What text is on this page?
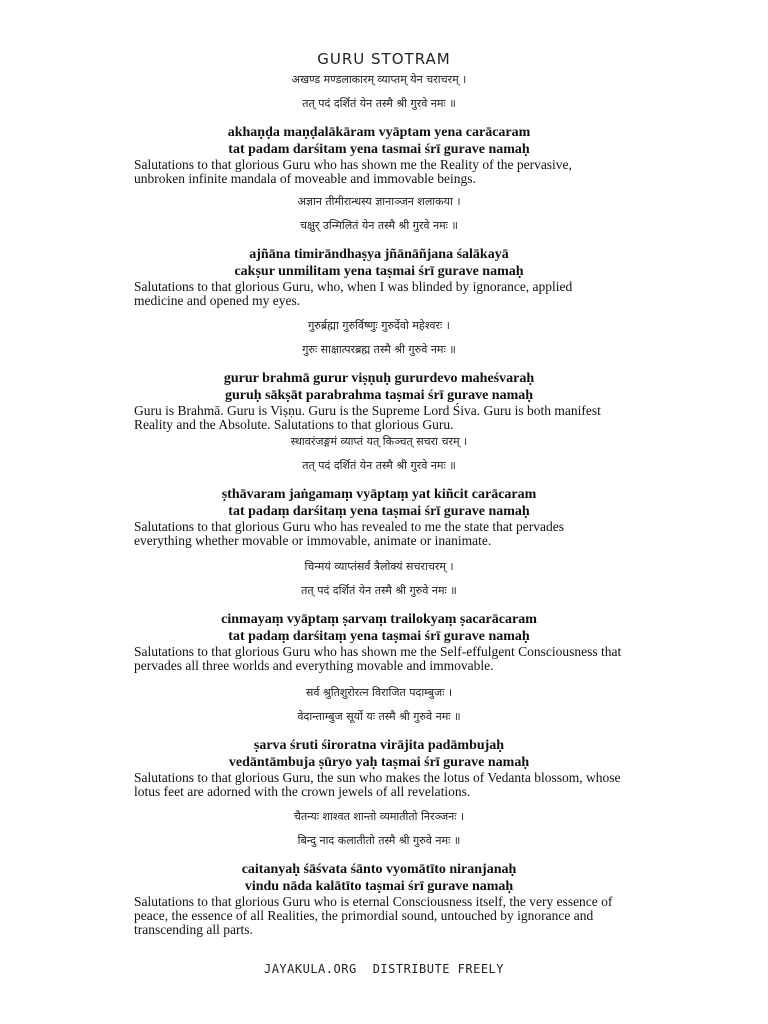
GURU STOTRAM
अखण्ड मण्डलाकारम् व्याप्तम् येन चराचरम् ।
तत् पदं दर्शितं येन तस्मै श्री गुरवे नमः ॥
akhaṇḍa maṇḍalākāram vyāptam yena carācaram
tat padam darśitam yena tasmai śrī gurave namaḥ
Salutations to that glorious Guru who has shown me the Reality of the pervasive, unbroken infinite mandala of moveable and immovable beings.
अज्ञान तीमीरान्धस्य ज्ञानाञ्जन शलाकया ।
चक्षुर् उन्मिलितं येन तस्मै श्री गुरवे नमः ॥
ajñāna timirāndhaṣya jñānāñjana śalākayā
cakṣur unmilitam yena taṣmai śrī gurave namaḥ
Salutations to that glorious Guru, who, when I was blinded by ignorance, applied medicine and opened my eyes.
गुरुर्ब्रह्मा गुरुर्विष्णुः गुरुर्देवो महेश्वरः ।
गुरुः साक्षात्परब्रह्म तस्मै श्री गुरुवे नमः ॥
gurur brahmā gurur viṣṇuḥ gururdevo maheśvaraḥ
guruḥ sākṣāt parabrahma taṣmai śrī gurave namaḥ
Guru is Brahmā. Guru is Viṣṇu. Guru is the Supreme Lord Śiva. Guru is both manifest Reality and the Absolute. Salutations to that glorious Guru.
स्थावरंजङ्गमं व्याप्तं यत् किञ्चत् सचरा चरम् ।
तत् पदं दर्शितं येन तस्मै श्री गुरवे नमः ॥
ṣthāvaram jaṅgamaṃ vyāptaṃ yat kiñcit carācaram
tat padaṃ darśitaṃ yena taṣmai śrī gurave namaḥ
Salutations to that glorious Guru who has revealed to me the state that pervades everything whether movable or immovable, animate or inanimate.
चिन्मयं व्याप्तंसर्वं त्रैलोक्यं सचराचरम् ।
तत् पदं दर्शितं येन तस्मै श्री गुरुवे नमः ॥
cinmayaṃ vyāptaṃ ṣarvaṃ trailokyaṃ ṣacarācaram
tat padaṃ darśitaṃ yena taṣmai śrī gurave namaḥ
Salutations to that glorious Guru who has shown me the Self-effulgent Consciousness that pervades all three worlds and everything movable and immovable.
सर्व श्रुतिशुरोरत्न विराजित पदाम्बुजः ।
वेदान्ताम्बुज सूर्यो यः तस्मै श्री गुरुवे नमः ॥
ṣarva śruti śiroratna virājita padāmbujaḥ
vedāntāmbuja ṣūryo yaḥ taṣmai śrī gurave namaḥ
Salutations to that glorious Guru, the sun who makes the lotus of Vedanta blossom, whose lotus feet are adorned with the crown jewels of all revelations.
चैतन्यः शाश्वत शान्तो व्यमातीतो निरञ्जनः ।
बिन्दु नाद कलातीतो तस्मै श्री गुरुवे नमः ॥
caitanyaḥ śāśvata śānto vyomātīto niranjanaḥ
vindu nāda kalātīto taṣmai śrī gurave namaḥ
Salutations to that glorious Guru who is eternal Consciousness itself, the very essence of peace, the essence of all Realities, the primordial sound, untouched by ignorance and transcending all parts.
JAYAKULA.ORG DISTRIBUTE FREELY
